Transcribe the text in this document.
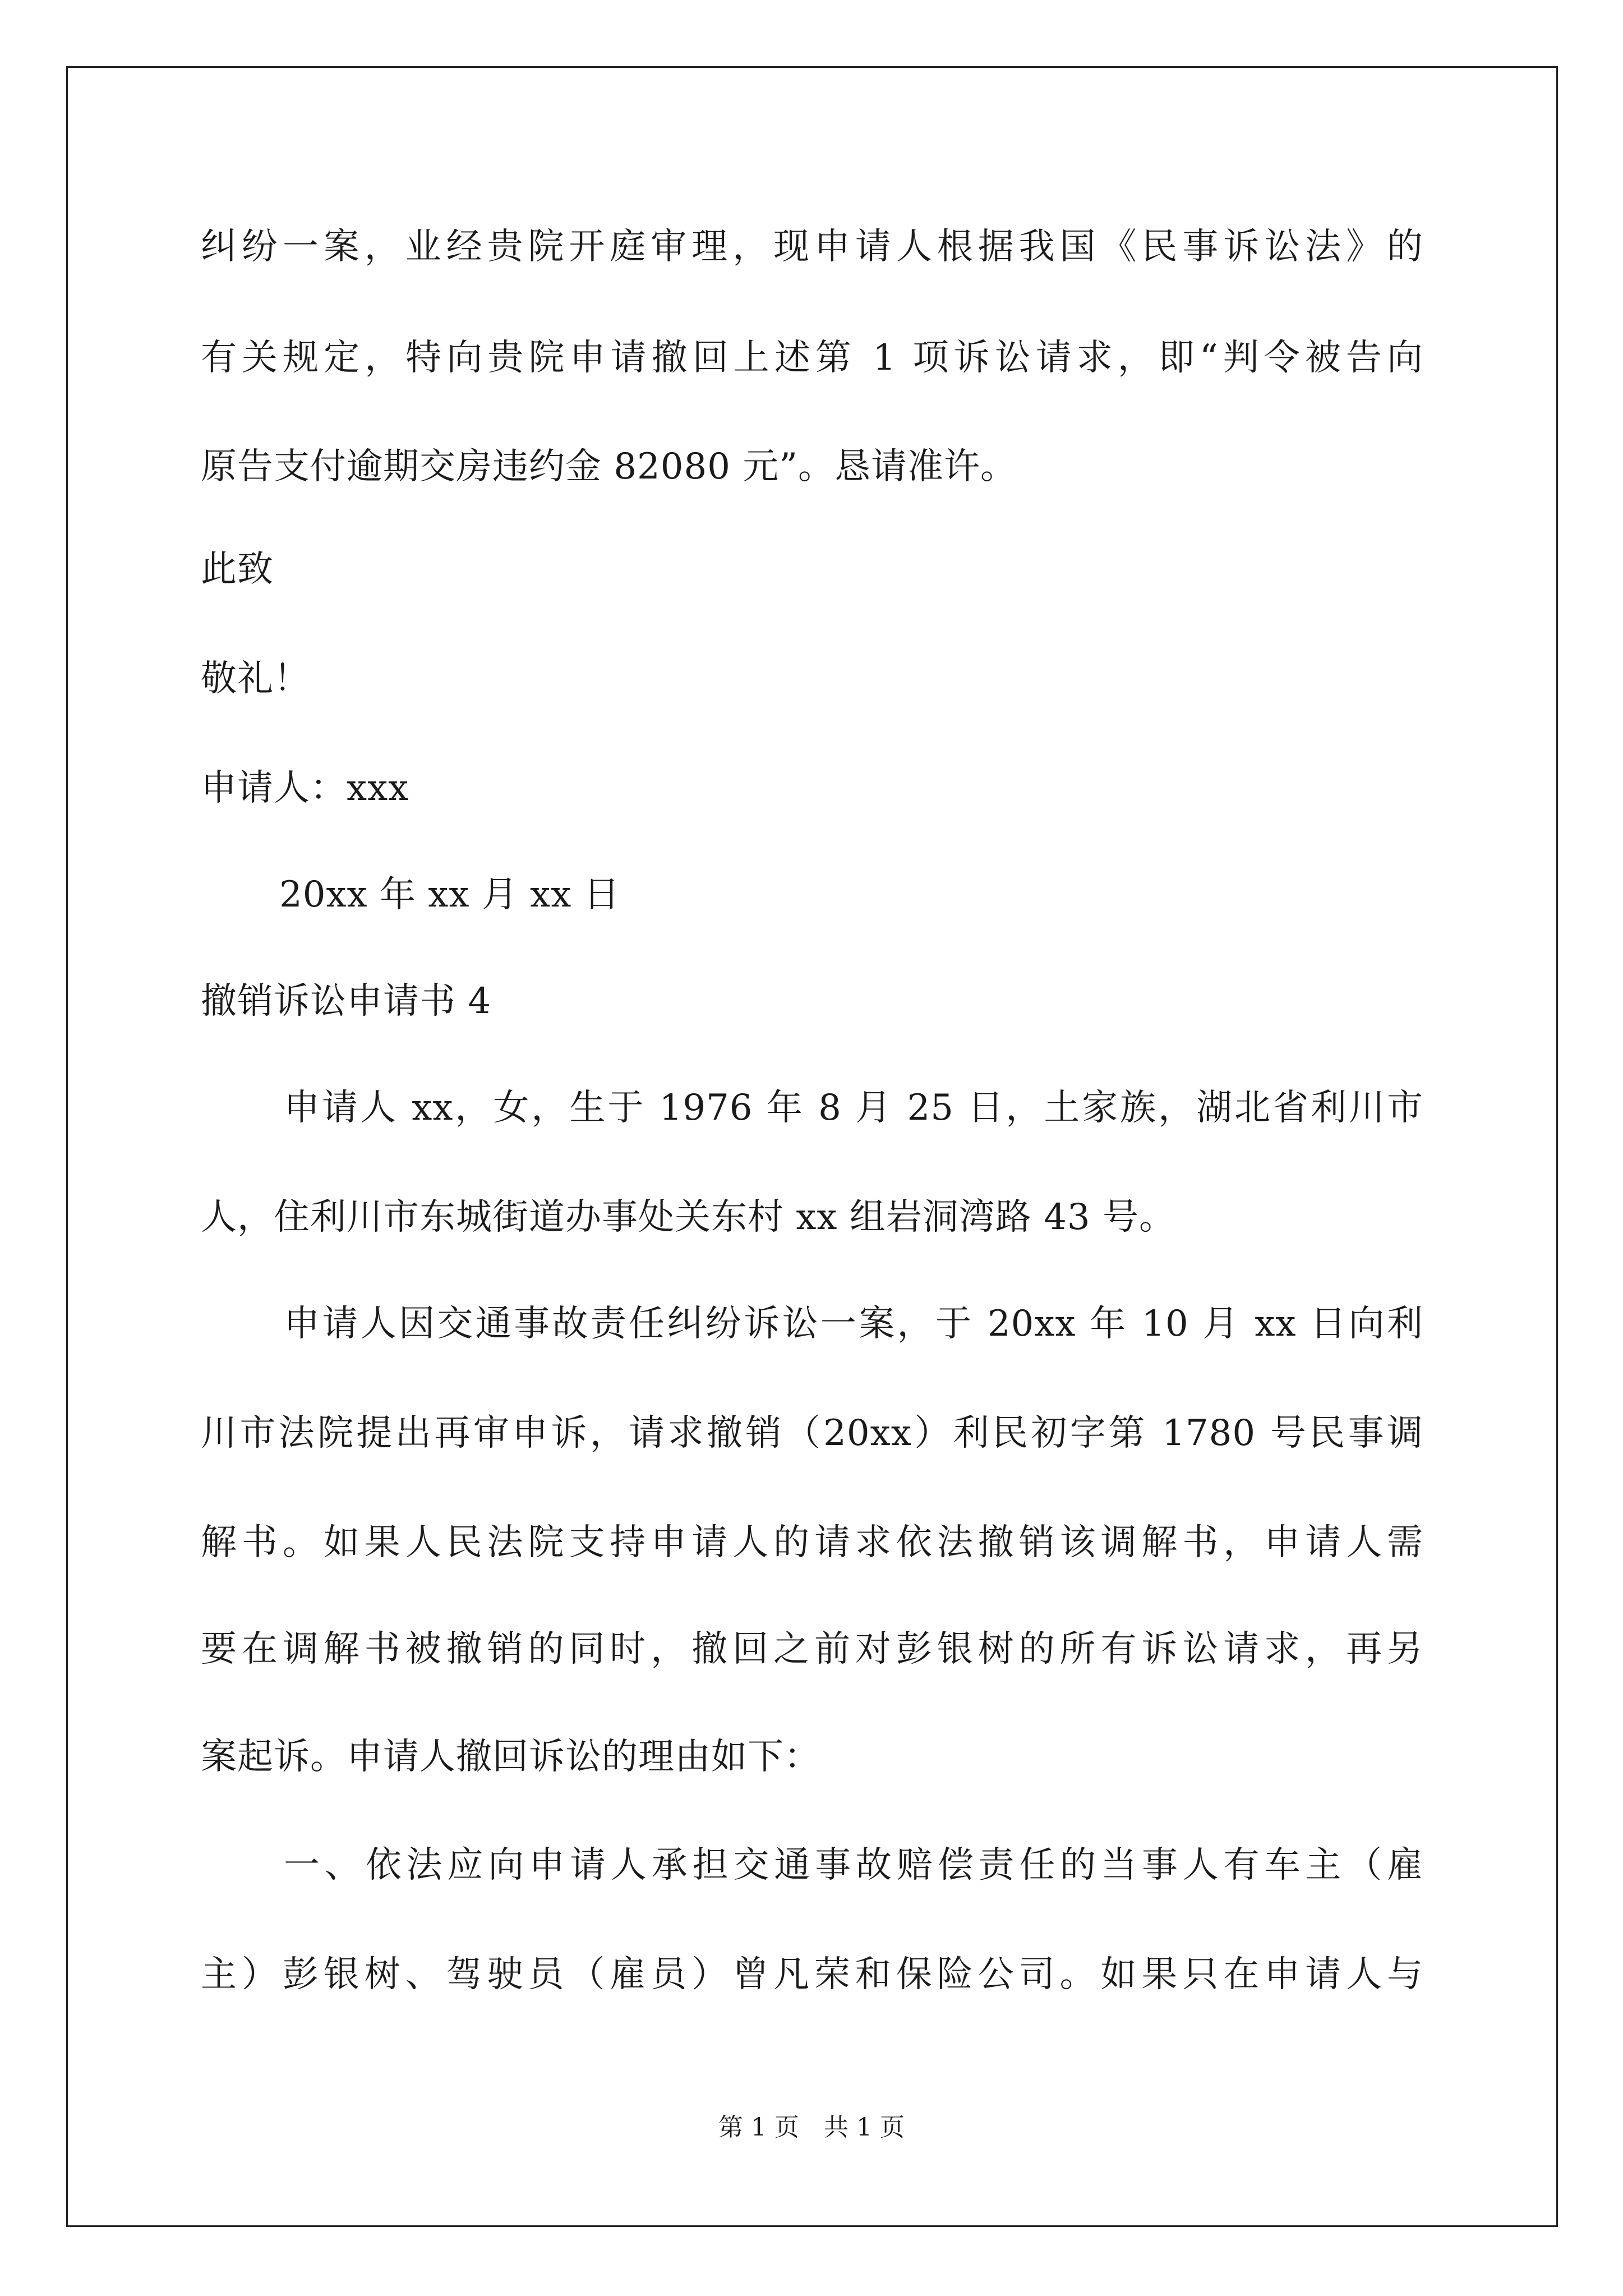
纠纷一案，业经贵院开庭审理，现申请人根据我国《民事诉讼法》的
有关规定，特向贵院申请撤回上述第 1 项诉讼请求，即“判令被告向
原告支付逾期交房违约金 82080 元”。恳请准许。
此致
敬礼！
申请人：xxx
20xx 年 xx 月 xx 日
撤销诉讼申请书 4
申请人 xx，女，生于 1976 年 8 月 25 日，土家族，湖北省利川市
人，住利川市东城街道办事处关东村 xx 组岩洞湾路 43 号。
申请人因交通事故责任纠纷诉讼一案，于 20xx 年 10 月 xx 日向利
川市法院提出再审申诉，请求撤销（20xx）利民初字第 1780 号民事调
解书。如果人民法院支持申请人的请求依法撤销该调解书，申请人需
要在调解书被撤销的同时，撤回之前对彭银树的所有诉讼请求，再另
案起诉。申请人撤回诉讼的理由如下：
一、依法应向申请人承担交通事故赔偿责任的当事人有车主（雇
主）彭银树、驾驶员（雇员）曾凡荣和保险公司。如果只在申请人与
第 1 页　共 1 页
